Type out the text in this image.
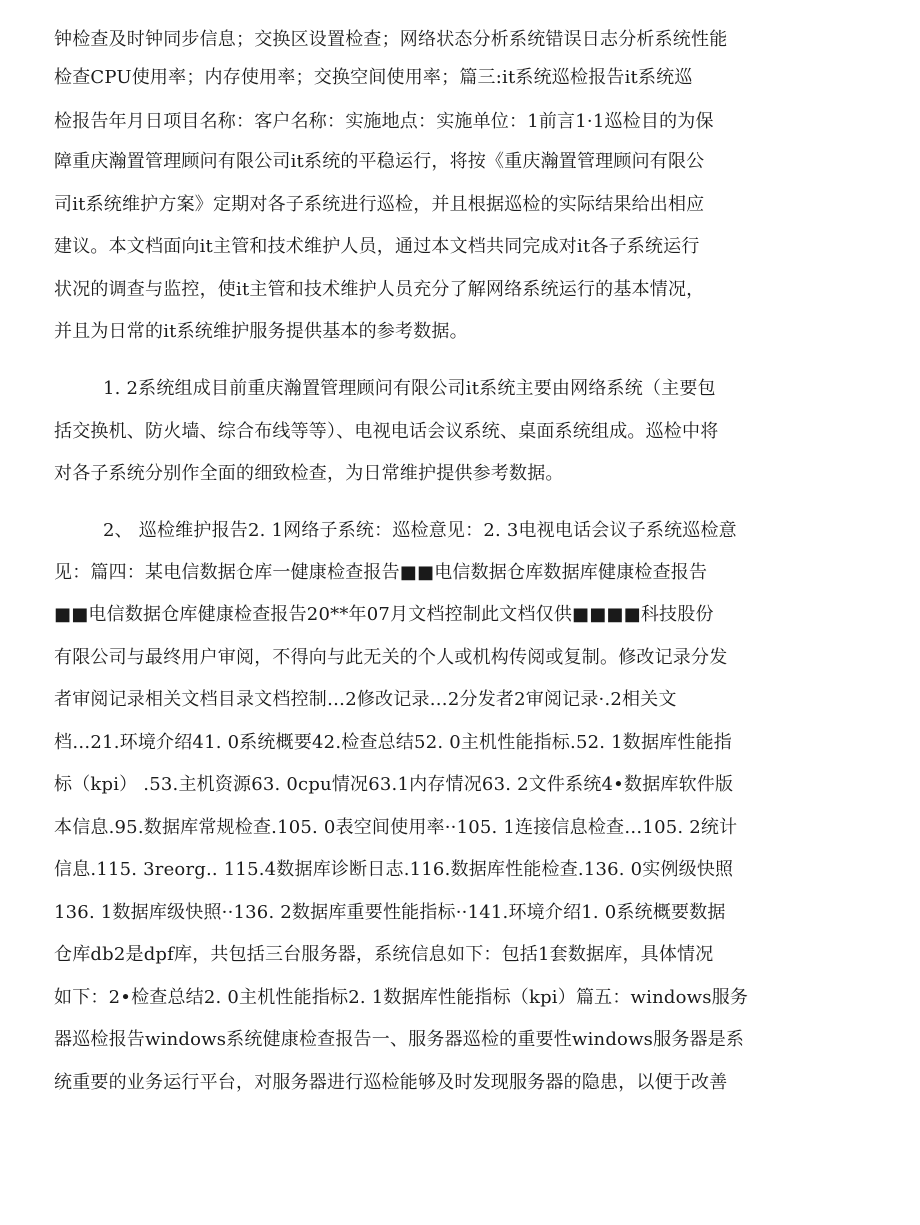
钟检查及时钟同步信息；交换区设置检查；网络状态分析系统错误日志分析系统性能
检查CPU使用率；内存使用率；交换空间使用率；篇三:it系统巡检报告it系统巡
检报告年月日项目名称：客户名称：实施地点：实施单位：1前言1·1巡检目的为保
障重庆瀚置管理顾问有限公司it系统的平稳运行，将按《重庆瀚置管理顾问有限公
司it系统维护方案》定期对各子系统进行巡检，并且根据巡检的实际结果给出相应
建议。本文档面向it主管和技术维护人员，通过本文档共同完成对it各子系统运行
状况的调查与监控，使it主管和技术维护人员充分了解网络系统运行的基本情况，
并且为日常的it系统维护服务提供基本的参考数据。
1. 2系统组成目前重庆瀚置管理顾问有限公司it系统主要由网络系统（主要包
括交换机、防火墙、综合布线等等）、电视电话会议系统、桌面系统组成。巡检中将
对各子系统分别作全面的细致检查，为日常维护提供参考数据。
2、 巡检维护报告2. 1网络子系统：巡检意见：2. 3电视电话会议子系统巡检意
见：篇四：某电信数据仓库一健康检查报告■■电信数据仓库数据库健康检查报告
■■电信数据仓库健康检查报告20**年07月文档控制此文档仅供■■■■科技股份
有限公司与最终用户审阅，不得向与此无关的个人或机构传阅或复制。修改记录分发
者审阅记录相关文档目录文档控制…2修改记录…2分发者2审阅记录·.2相关文
档…21.环境介绍41. 0系统概要42.检查总结52. 0主机性能指标.52. 1数据库性能指
标（kpi） .53.主机资源63. 0cpu情况63.1内存情况63. 2文件系统4•数据库软件版
本信息.95.数据库常规检查.105. 0表空间使用率··105. 1连接信息检查…105. 2统计
信息.115. 3reorg.. 115.4数据库诊断日志.116.数据库性能检查.136. 0实例级快照
136. 1数据库级快照··136. 2数据库重要性能指标··141.环境介绍1. 0系统概要数据
仓库db2是dpf库，共包括三台服务器，系统信息如下：包括1套数据库，具体情况
如下：2•检查总结2. 0主机性能指标2. 1数据库性能指标（kpi）篇五：windows服务
器巡检报告windows系统健康检查报告一、服务器巡检的重要性windows服务器是系
统重要的业务运行平台，对服务器进行巡检能够及时发现服务器的隐患，以便于改善
